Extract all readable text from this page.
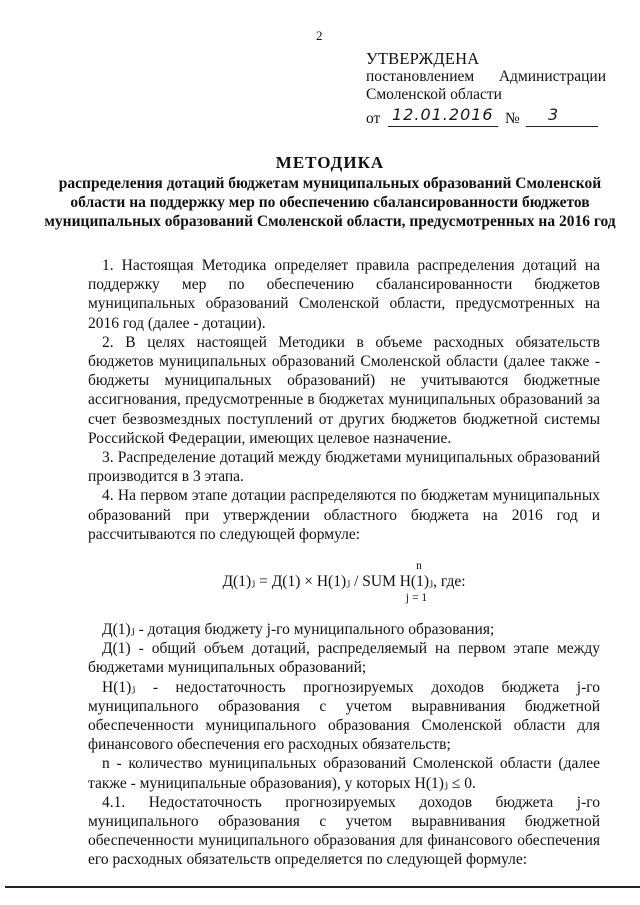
2
УТВЕРЖДЕНА
постановлением Администрации
Смоленской области
от 12.01.2016 № 3
МЕТОДИКА
распределения дотаций бюджетам муниципальных образований Смоленской области на поддержку мер по обеспечению сбалансированности бюджетов муниципальных образований Смоленской области, предусмотренных на 2016 год

1. Настоящая Методика определяет правила распределения дотаций на поддержку мер по обеспечению сбалансированности бюджетов муниципальных образований Смоленской области, предусмотренных на 2016 год (далее - дотации).

2. В целях настоящей Методики в объеме расходных обязательств бюджетов муниципальных образований Смоленской области (далее также - бюджеты муниципальных образований) не учитываются бюджетные ассигнования, предусмотренные в бюджетах муниципальных образований за счет безвозмездных поступлений от других бюджетов бюджетной системы Российской Федерации, имеющих целевое назначение.

3. Распределение дотаций между бюджетами муниципальных образований производится в 3 этапа.

4. На первом этапе дотации распределяются по бюджетам муниципальных образований при утверждении областного бюджета на 2016 год и рассчитываются по следующей формуле:

n
Д(1)ⱼ = Д(1) × Н(1)ⱼ / SUM Н(1)ⱼ, где:
j = 1

Д(1)ⱼ - дотация бюджету j-го муниципального образования;

Д(1) - общий объем дотаций, распределяемый на первом этапе между бюджетами муниципальных образований;

Н(1)ⱼ - недостаточность прогнозируемых доходов бюджета j-го муниципального образования с учетом выравнивания бюджетной обеспеченности муниципального образования Смоленской области для финансового обеспечения его расходных обязательств;

n - количество муниципальных образований Смоленской области (далее также - муниципальные образования), у которых Н(1)ⱼ ≤ 0.

4.1. Недостаточность прогнозируемых доходов бюджета j-го муниципального образования с учетом выравнивания бюджетной обеспеченности муниципального образования для финансового обеспечения его расходных обязательств определяется по следующей формуле:
